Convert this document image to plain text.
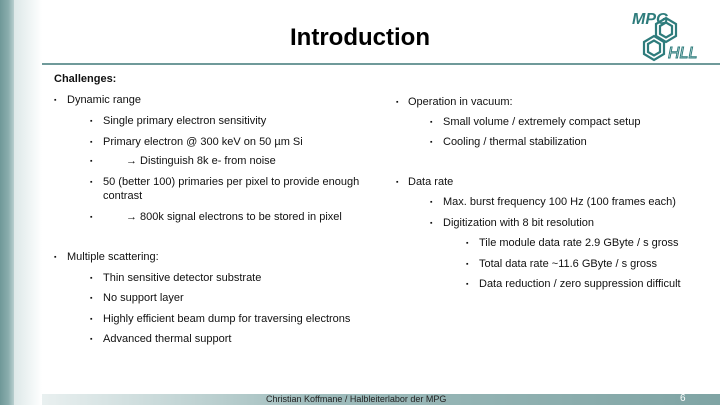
Introduction
MPG
HLL
Challenges:
▪ Dynamic range
▪ Single primary electron sensitivity
▪ Primary electron @ 300 keV on 50 µm Si
▪	→ Distinguish 8k e- from noise
▪ 50 (better 100) primaries per pixel to provide enough
contrast
▪	→ 800k signal electrons to be stored in pixel
▪ Multiple scattering:
▪ Thin sensitive detector substrate
▪ No support layer
▪ Highly efficient beam dump for traversing electrons
▪ Advanced thermal support
▪ Operation in vacuum:
▪ Small volume / extremely compact setup
▪ Cooling / thermal stabilization
▪ Data rate
▪ Max. burst frequency 100 Hz (100 frames each)
▪ Digitization with 8 bit resolution
▪ Tile module data rate 2.9 GByte / s gross
▪ Total data rate ~11.6 GByte / s gross
▪ Data reduction / zero suppression difficult
Christian Koffmane / Halbleiterlabor der MPG	6
